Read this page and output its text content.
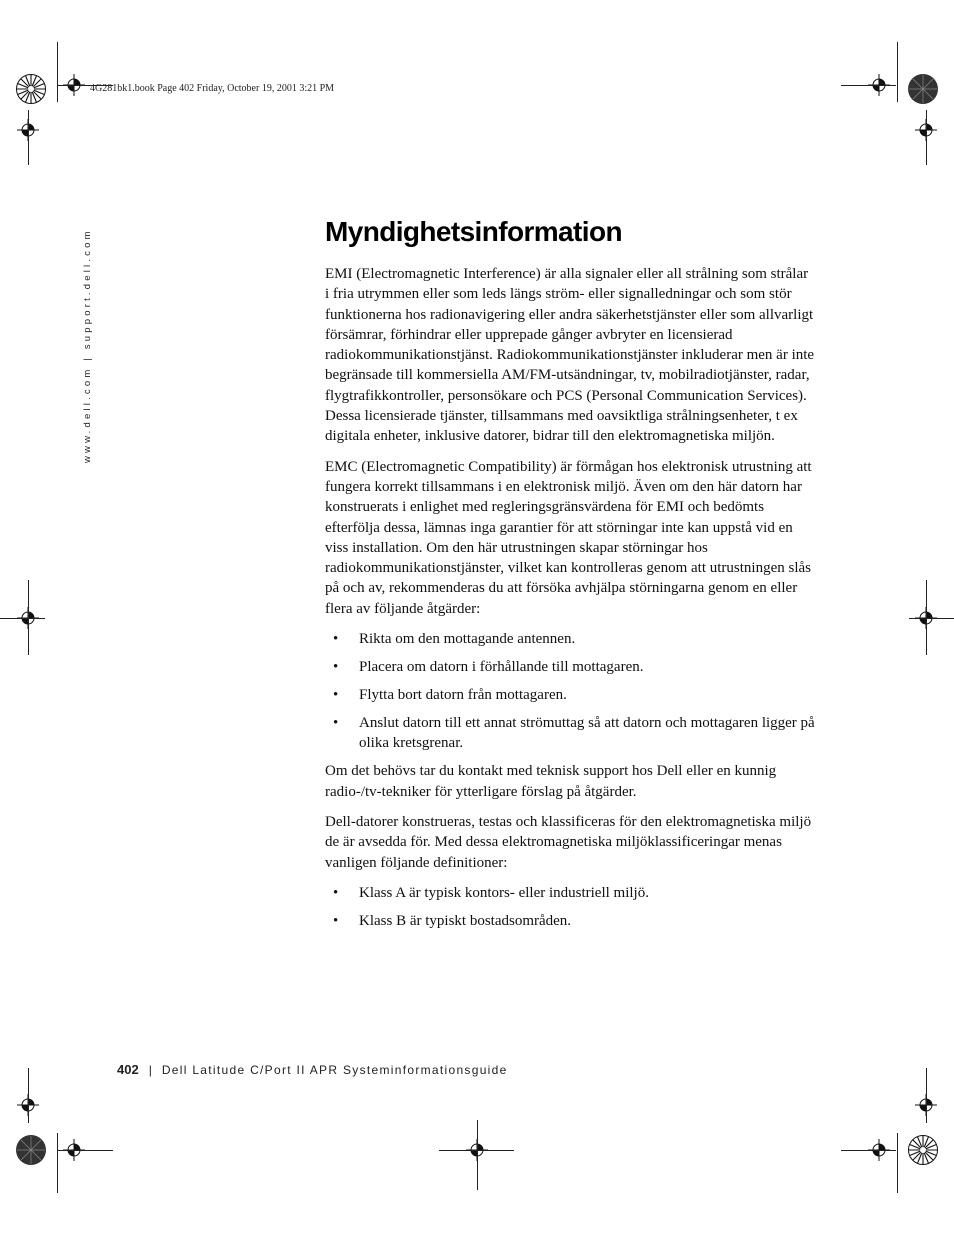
4G281bk1.book Page 402 Friday, October 19, 2001 3:21 PM
www.dell.com | support.dell.com	Myndighetsinformation

EMI (Electromagnetic Interference) är alla signaler eller all strålning som strålar i fria utrymmen eller som leds längs ström- eller signalledningar och som stör funktionerna hos radionavigering eller andra säkerhetstjänster eller som allvarligt försämrar, förhindrar eller upprepade gånger avbryter en licensierad radiokommunikationstjänst. Radiokommunikationstjänster inkluderar men är inte begränsade till kommersiella AM/FM-utsändningar, tv, mobilradiotjänster, radar, flygtrafikkontroller, personsökare och PCS (Personal Communication Services). Dessa licensierade tjänster, tillsammans med oavsiktliga strålningsenheter, t ex digitala enheter, inklusive datorer, bidrar till den elektromagnetiska miljön.

EMC (Electromagnetic Compatibility) är förmågan hos elektronisk utrustning att fungera korrekt tillsammans i en elektronisk miljö. Även om den här datorn har konstruerats i enlighet med regleringsgränsvärdena för EMI och bedömts efterfölja dessa, lämnas inga garantier för att störningar inte kan uppstå vid en viss installation. Om den här utrustningen skapar störningar hos radiokommunikationstjänster, vilket kan kontrolleras genom att utrustningen slås på och av, rekommenderas du att försöka avhjälpa störningarna genom en eller flera av följande åtgärder:

• Rikta om den mottagande antennen.
• Placera om datorn i förhållande till mottagaren.
• Flytta bort datorn från mottagaren.
• Anslut datorn till ett annat strömuttag så att datorn och mottagaren ligger på olika kretsgrenar.

Om det behövs tar du kontakt med teknisk support hos Dell eller en kunnig radio-/tv-tekniker för ytterligare förslag på åtgärder.

Dell-datorer konstrueras, testas och klassificeras för den elektromagnetiska miljö de är avsedda för. Med dessa elektromagnetiska miljöklassificeringar menas vanligen följande definitioner:

• Klass A är typisk kontors- eller industriell miljö.
• Klass B är typiskt bostadsområden.
402 | Dell Latitude C/Port II APR Systeminformationsguide
